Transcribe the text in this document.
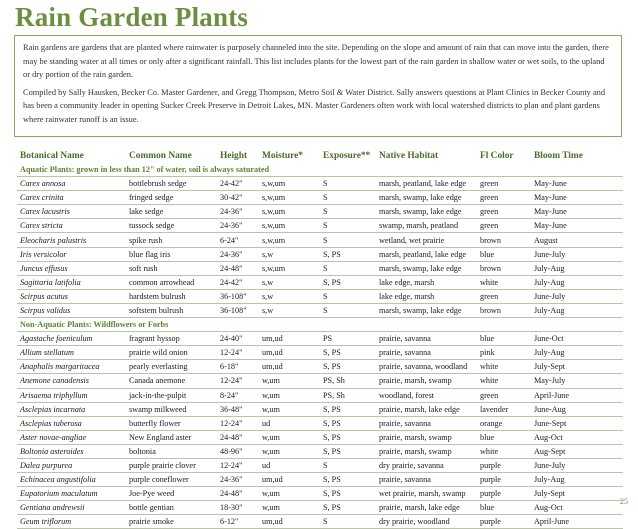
Rain Garden Plants

Rain gardens are gardens that are planted where rainwater is purposely channeled into the site. Depending on the slope and amount of rain that can move into the garden, there may be standing water at all times or only after a significant rainfall. This list includes plants for the lowest part of the rain garden in shallow water or wet soils, to the upland or dry portion of the rain garden.

Compiled by Sally Hausken, Becker Co. Master Gardener, and Gregg Thompson, Metro Soil & Water District. Sally answers questions at Plant Clinics in Becker County and has been a community leader in opening Sucker Creek Preserve in Detroit Lakes, MN. Master Gardeners often work with local watershed districts to plan and plant gardens where rainwater runoff is an issue.

Botanical Name	Common Name	Height	Moisture*	Exposure**	Native Habitat	Fl Color	Bloom Time
Aquatic Plants: grown in less than 12" of water, soil is always saturated							
Carex annosa	bottlebrush sedge	24-42"	s,w,um	S	marsh, peatland, lake edge	green	May-June
Carex crinita	fringed sedge	30-42"	s,w,um	S	marsh, swamp, lake edge	green	May-June
Carex lacustris	lake sedge	24-36"	s,w,um	S	marsh, swamp, lake edge	green	May-June
Carex stricta	tussock sedge	24-36"	s,w,um	S	swamp, marsh, peatland	green	May-June
Eleocharis palustris	spike rush	6-24"	s,w,um	S	wetland, wet prairie	brown	August
Iris versicolor	blue flag iris	24-36"	s,w	S, PS	marsh, peatland, lake edge	blue	June-July
Juncus effusus	soft rush	24-48"	s,w,um	S	marsh, swamp, lake edge	brown	July-Aug
Sagittaria latifolia	common arrowhead	24-42"	s,w	S, PS	lake edge, marsh	white	July-Aug
Scirpus acutus	hardstem bulrush	36-108"	s,w	S	lake edge, marsh	green	June-July
Scirpus validus	softstem bulrush	36-108"	s,w	S	marsh, swamp, lake edge	brown	July-Aug
Non-Aquatic Plants: Wildflowers or Forbs							
Agastache foeniculum	fragrant hyssop	24-40"	um,ud	PS	prairie, savanna	blue	June-Oct
Allium stellatum	prairie wild onion	12-24"	um,ud	S, PS	prairie, savanna	pink	July-Aug
Anaphalis margaritacea	pearly everlasting	6-18"	um,ud	S, PS	prairie, savanna, woodland	white	July-Sept
Anemone canadensis	Canada anemone	12-24"	w,um	PS, Sh	prairie, marsh, swamp	white	May-July
Arisaema triphyllum	jack-in-the-pulpit	8-24"	w,um	PS, Sh	woodland, forest	green	April-June
Asclepias incarnata	swamp milkweed	36-48"	w,um	S, PS	prairie, marsh, lake edge	lavender	June-Aug
Asclepias tuberosa	butterfly flower	12-24"	ud	S, PS	prairie, savanna	orange	June-Sept
Aster novae-angliae	New England aster	24-48"	w,um	S, PS	prairie, marsh, swamp	blue	Aug-Oct
Boltonia asteroides	boltonia	48-96"	w,um	S, PS	prairie, marsh, swamp	white	Aug-Sept
Dalea purpurea	purple prairie clover	12-24"	ud	S	dry prairie, savanna	purple	June-July
Echinacea angustifolia	purple coneflower	24-36"	um,ud	S, PS	prairie, savanna	purple	July-Aug
Eupatorium maculatum	Joe-Pye weed	24-48"	w,um	S, PS	wet prairie, marsh, swamp	purple	July-Sept
Gentiana andrewsii	bottle gentian	18-30"	w,um	S, PS	prairie, marsh, lake edge	blue	Aug-Oct
Geum triflorum	prairie smoke	6-12"	um,ud	S	dry prairie, woodland	purple	April-June
25
